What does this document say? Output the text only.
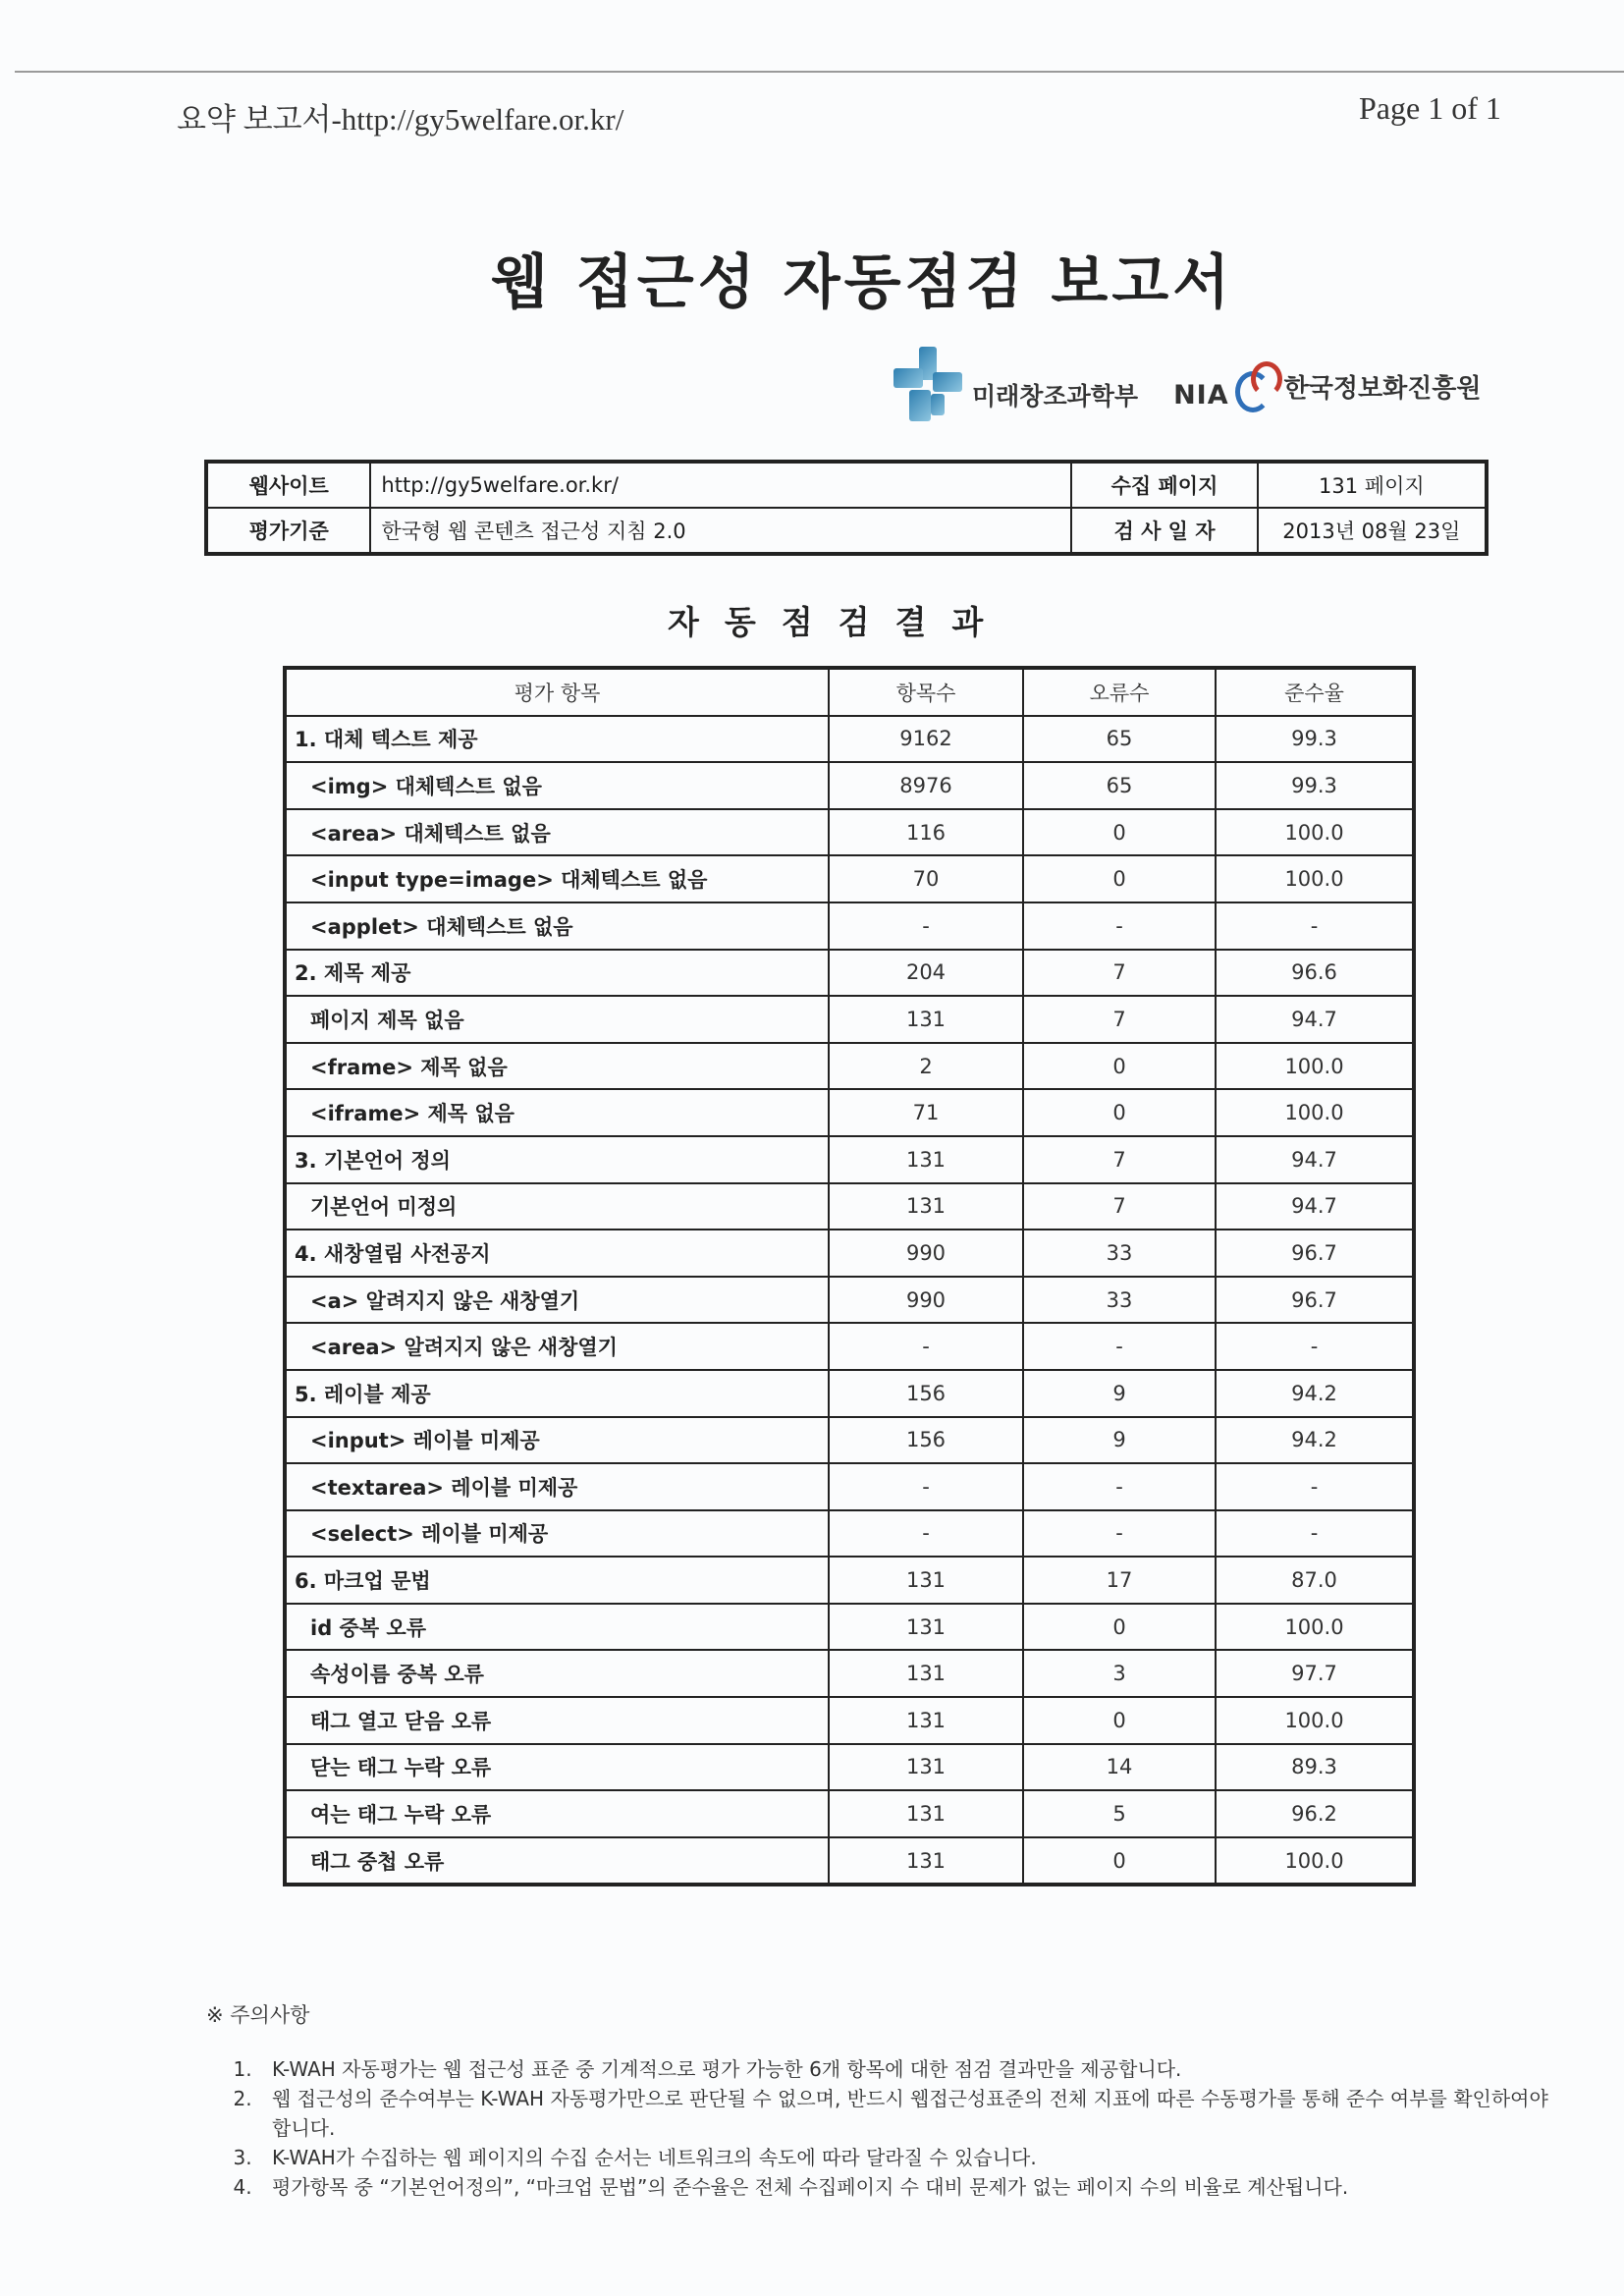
요약 보고서-http://gy5welfare.or.kr/	Page 1 of 1
웹 접근성 자동점검 보고서
미래창조과학부 NIA 한국정보화진흥원
웹사이트	http://gy5welfare.or.kr/	수집 페이지	131 페이지
평가기준	한국형 웹 콘텐츠 접근성 지침 2.0	검 사 일 자	2013년 08월 23일
자동점검결과
평가 항목	항목수	오류수	준수율
1. 대체 텍스트 제공	9162	65	99.3
<img> 대체텍스트 없음	8976	65	99.3
<area> 대체텍스트 없음	116	0	100.0
<input type=image> 대체텍스트 없음	70	0	100.0
<applet> 대체텍스트 없음	-	-	-
2. 제목 제공	204	7	96.6
페이지 제목 없음	131	7	94.7
<frame> 제목 없음	2	0	100.0
<iframe> 제목 없음	71	0	100.0
3. 기본언어 정의	131	7	94.7
기본언어 미정의	131	7	94.7
4. 새창열림 사전공지	990	33	96.7
<a> 알려지지 않은 새창열기	990	33	96.7
<area> 알려지지 않은 새창열기	-	-	-
5. 레이블 제공	156	9	94.2
<input> 레이블 미제공	156	9	94.2
<textarea> 레이블 미제공	-	-	-
<select> 레이블 미제공	-	-	-
6. 마크업 문법	131	17	87.0
id 중복 오류	131	0	100.0
속성이름 중복 오류	131	3	97.7
태그 열고 닫음 오류	131	0	100.0
닫는 태그 누락 오류	131	14	89.3
여는 태그 누락 오류	131	5	96.2
태그 중첩 오류	131	0	100.0
※ 주의사항
1. K-WAH 자동평가는 웹 접근성 표준 중 기계적으로 평가 가능한 6개 항목에 대한 점검 결과만을 제공합니다.
2. 웹 접근성의 준수여부는 K-WAH 자동평가만으로 판단될 수 없으며, 반드시 웹접근성표준의 전체 지표에 따른 수동평가를 통해 준수 여부를 확인하여야 합니다.
3. K-WAH가 수집하는 웹 페이지의 수집 순서는 네트워크의 속도에 따라 달라질 수 있습니다.
4. 평가항목 중 “기본언어정의”, “마크업 문법”의 준수율은 전체 수집페이지 수 대비 문제가 없는 페이지 수의 비율로 계산됩니다.
